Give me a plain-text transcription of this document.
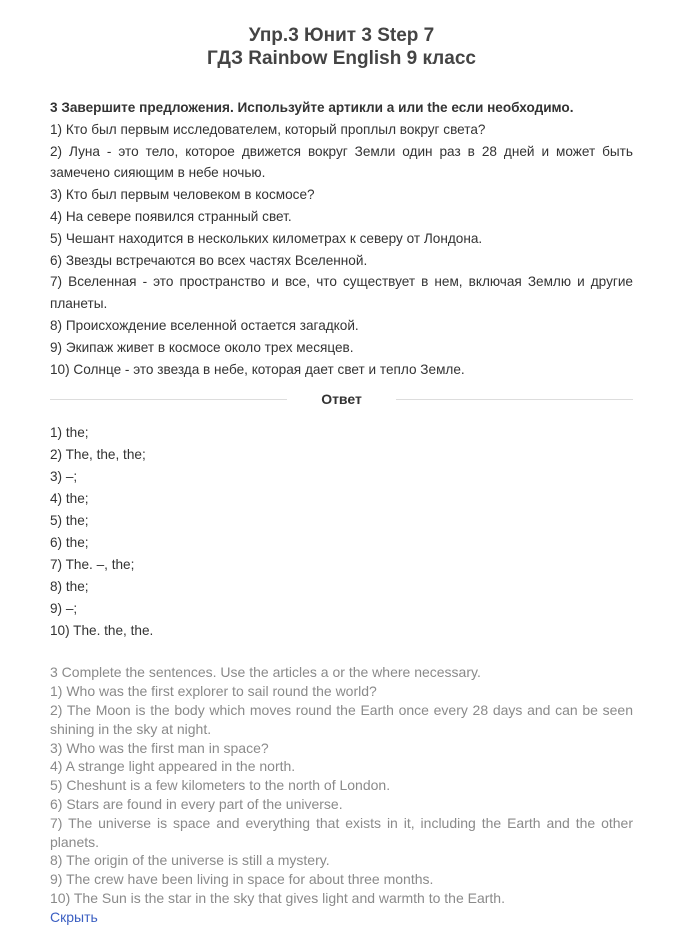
Упр.3 Юнит 3 Step 7
ГДЗ Rainbow English 9 класс
3 Завершите предложения. Используйте артикли a или the если необходимо.
1) Кто был первым исследователем, который проплыл вокруг света?
2) Луна - это тело, которое движется вокруг Земли один раз в 28 дней и может быть замечено сияющим в небе ночью.
3) Кто был первым человеком в космосе?
4) На севере появился странный свет.
5) Чешант находится в нескольких километрах к северу от Лондона.
6) Звезды встречаются во всех частях Вселенной.
7) Вселенная - это пространство и все, что существует в нем, включая Землю и другие планеты.
8) Происхождение вселенной остается загадкой.
9) Экипаж живет в космосе около трех месяцев.
10) Солнце - это звезда в небе, которая дает свет и тепло Земле.
Ответ
1) the;
2) The, the, the;
3) –;
4) the;
5) the;
6) the;
7) The. –, the;
8) the;
9) –;
10) The. the, the.
3 Complete the sentences. Use the articles a or the where necessary.
1) Who was the first explorer to sail round the world?
2) The Moon is the body which moves round the Earth once every 28 days and can be seen shining in the sky at night.
3) Who was the first man in space?
4) A strange light appeared in the north.
5) Cheshunt is a few kilometers to the north of London.
6) Stars are found in every part of the universe.
7) The universe is space and everything that exists in it, including the Earth and the other planets.
8) The origin of the universe is still a mystery.
9) The crew have been living in space for about three months.
10) The Sun is the star in the sky that gives light and warmth to the Earth.
Скрыть
